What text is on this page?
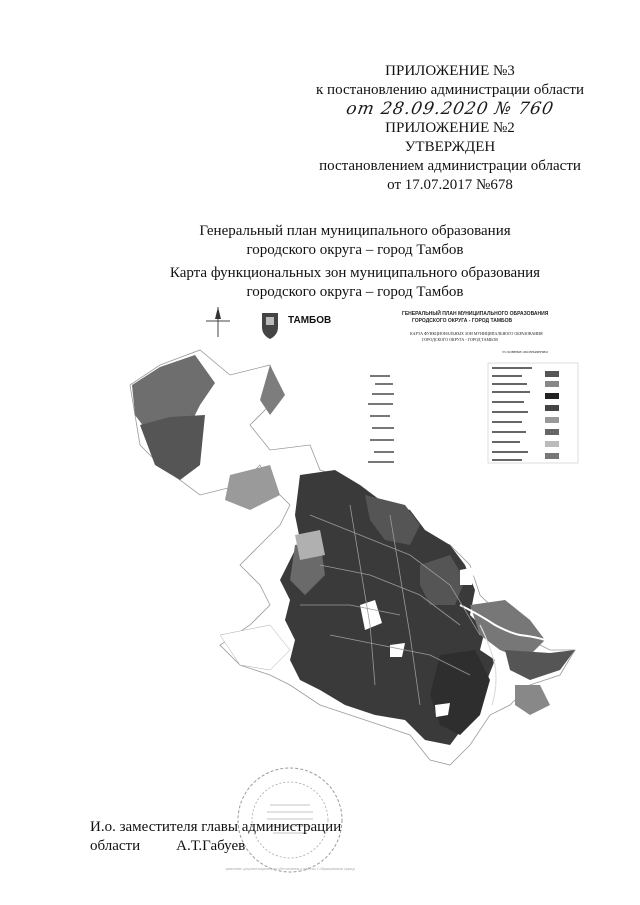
ПРИЛОЖЕНИЕ №3
к постановлению администрации области
от 28.09.2020 № 760
ПРИЛОЖЕНИЕ №2
УТВЕРЖДЕН
постановлением администрации области
от 17.07.2017 №678
Генеральный план муниципального образования
городского округа – город Тамбов
Карта функциональных зон муниципального образования
городского округа – город Тамбов
ТАМБОВ
ГЕНЕРАЛЬНЫЙ ПЛАН МУНИЦИПАЛЬНОГО ОБРАЗОВАНИЯ
ГОРОДСКОГО ОКРУГА - ГОРОД ТАМБОВ
КАРТА ФУНКЦИОНАЛЬНЫХ ЗОН МУНИЦИПАЛЬНОГО ОБРАЗОВАНИЯ
ГОРОДСКОГО ОКРУГА - ГОРОД ТАМБОВ
УСЛОВНЫЕ ОБОЗНАЧЕНИЯ
Управление документационного обеспечения и работы с обращениями граждан
И.о. заместителя главы администрации
области А.Т.Габуев
